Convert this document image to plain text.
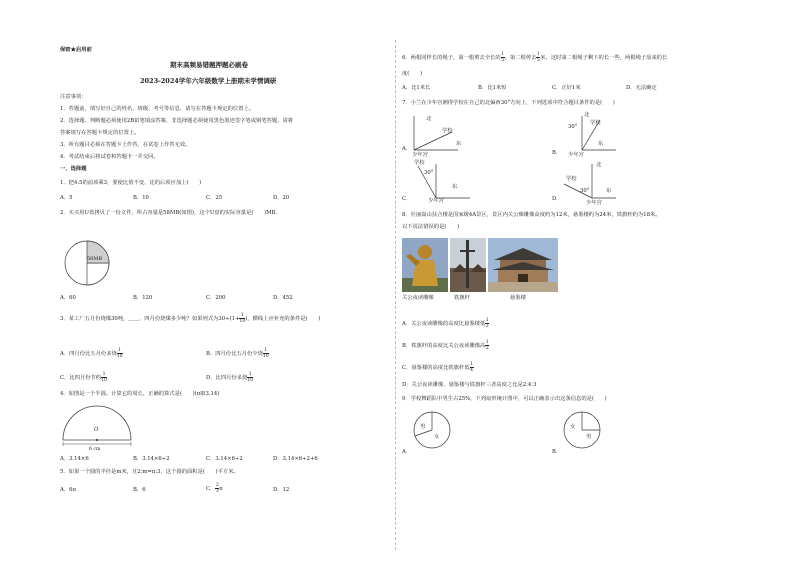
保密★启用前
期末高频易错题押题必刷卷
2023-2024学年六年级数学上册期末学情调研
注意事项：
1．答题前，填写好自己的姓名、班级、考号等信息，请写在答题卡规定的位置上。
2．选择题、判断题必须使用2B铅笔填涂答案，非选择题必须使用黑色墨迹签字笔或钢笔答题，请将
答案填写在答题卡规定的位置上。
3．所有题目必须在答题卡上作答，在试卷上作答无效。
4．考试结束后将试卷和答题卡一并交回。
一、选择题
1．把4:5的前项乘3，要使比值不变，比的后项应加上(　　)
A．5	B．10	C．25	D．20
2．买买用U盘拷贝了一份文件，所占容量是58MB(如图)，这个U盘的实际容量是(　　)MB.
58MB
A．60	B．120	C．200	D．452
3．某工厂五月份烧煤30吨，＿＿，四月份烧煤多少吨？如果列式为$30\div(1+ \frac{1}{10}$ )，横线上应补充的条件是(　　)
A．四月份比五月份多烧 $\frac{1}{10}$	B．四月份比五月份少烧 $\frac{1}{10}$
C．比四月份节约 $\frac{1}{10}$	D．比四月份多烧 $\frac{1}{10}$
4．如图是一个半圆。计算它的周长，正确的算式是(　　)(π取3.14)
O
6 cm
A．3.14×6	B．3.14×6÷2	C．3.14×6÷2	D．3.14×6÷2+6
5．如果一个圆的半径是m米，且2:m=π:3，这个圆的面积是(　　)平方米。
A．6π	B．6	C． $\frac{2}{3}$ π	D．12
6．两根同样长的绳子，第一根剪去全长的 $\frac{1}{5}$ ，第二根剪去 $\frac{1}{5}$ 米，这时第二根绳子剩下的长一些，两根绳子原来的长
度(　　)
A．比1米长	B．比1米短	C．正好1米	D．无法确定
7．小兰在少年宫测得学校在自己的北偏西30°方向上，下列选项中符合题目条件的是(　　)
A．
北
学校
东
少年宫	B．
北
学校
30°
东
少年宫
C．
学校
30°
东
少年宫	D．
北
学校
30°	东
少年宫
8．壮丽嵩山扶合楼是国家级4A景区，景区内关公像雕像高度约为12米，悬鉴楼约为24米，铁旗杆约为18米。
以下说法错误的是(　　)
关公夜读雕像	铁旗杆	悬鉴楼
A．关公夜读雕像的高度比悬鉴楼低 $\frac{1}{2}$
B．铁旗杆的高度比关公夜读雕像高 $\frac{1}{2}$
C．悬鉴楼的高度比铁旗杆低 $\frac{1}{4}$
D．关公夜读雕像、悬鉴楼与铁旗杆三者高度之比是2:4:3
9．学校舞蹈队中男生占25%，下列扇形统计图中，可以正确表示出这条信息的是(　　)
男
女
A．
女
男
B．
